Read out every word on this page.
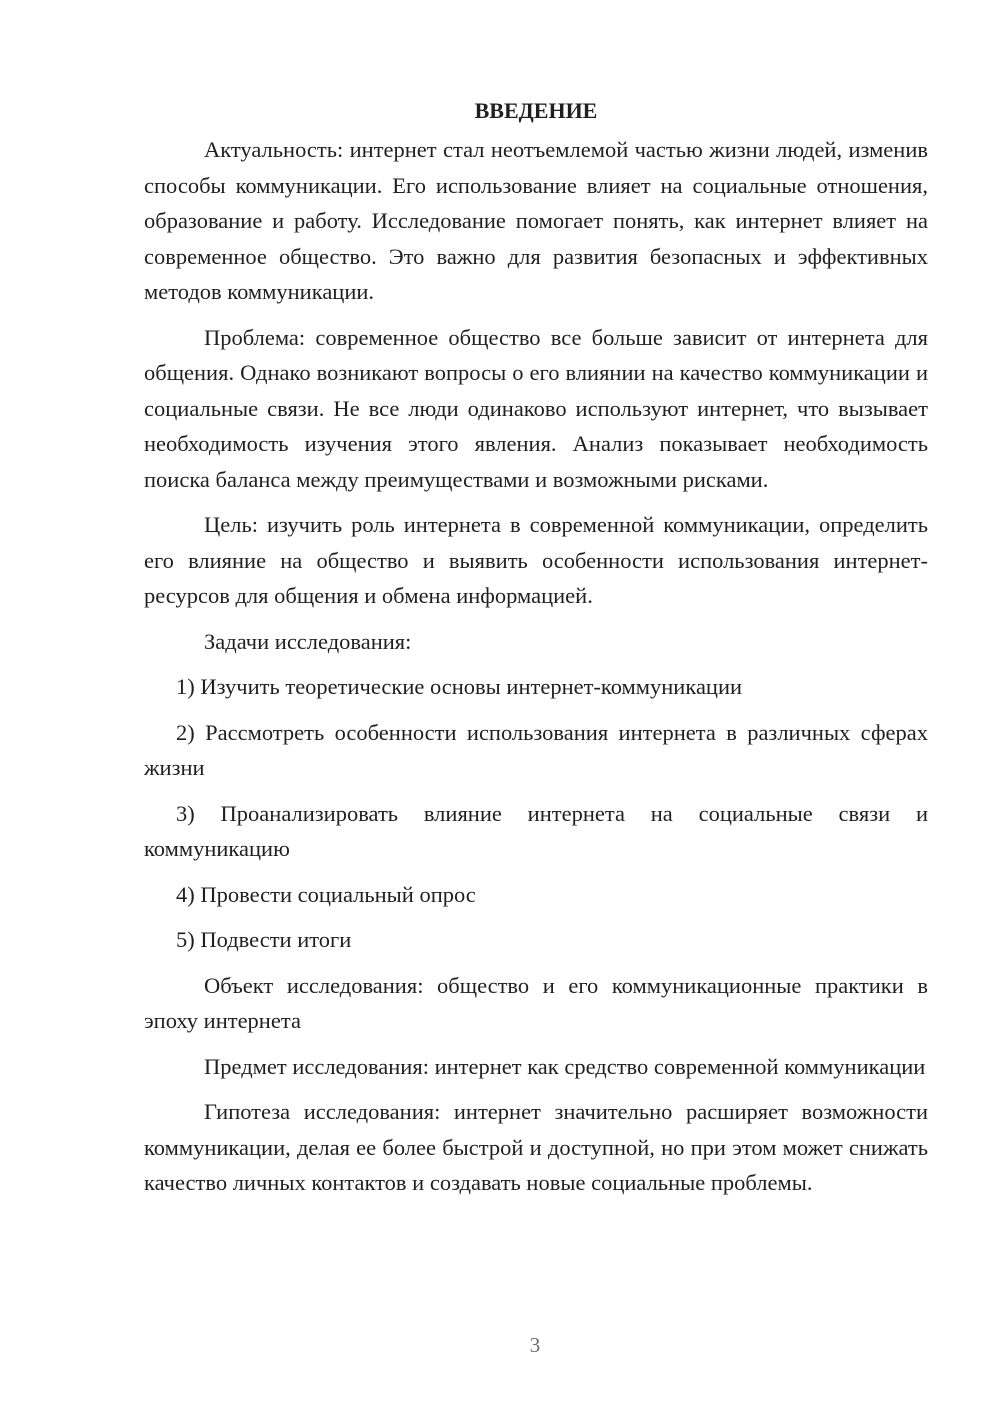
ВВЕДЕНИЕ

Актуальность: интернет стал неотъемлемой частью жизни людей, изменив способы коммуникации. Его использование влияет на социальные отношения, образование и работу. Исследование помогает понять, как интернет влияет на современное общество. Это важно для развития безопасных и эффективных методов коммуникации.

Проблема: современное общество все больше зависит от интернета для общения. Однако возникают вопросы о его влиянии на качество коммуникации и социальные связи. Не все люди одинаково используют интернет, что вызывает необходимость изучения этого явления. Анализ показывает необходимость поиска баланса между преимуществами и возможными рисками.

Цель: изучить роль интернета в современной коммуникации, определить его влияние на общество и выявить особенности использования интернет-ресурсов для общения и обмена информацией.

Задачи исследования:

1) Изучить теоретические основы интернет-коммуникации

2) Рассмотреть особенности использования интернета в различных сферах жизни

3) Проанализировать влияние интернета на социальные связи и коммуникацию

4) Провести социальный опрос

5) Подвести итоги

Объект исследования: общество и его коммуникационные практики в эпоху интернета

Предмет исследования: интернет как средство современной коммуникации

Гипотеза исследования: интернет значительно расширяет возможности коммуникации, делая ее более быстрой и доступной, но при этом может снижать качество личных контактов и создавать новые социальные проблемы.

3
